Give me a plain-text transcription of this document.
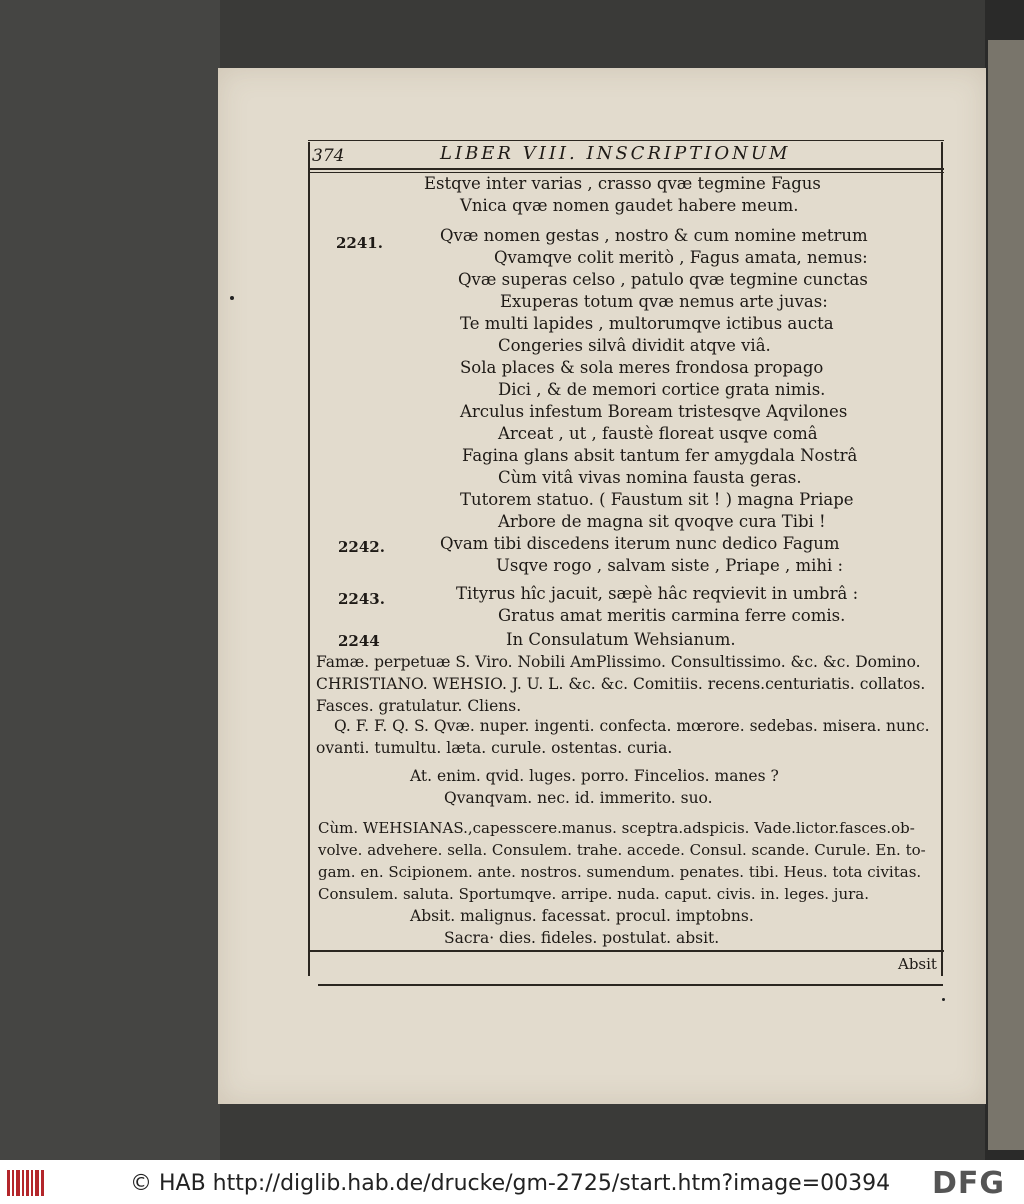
374	LIBER VIII. INSCRIPTIONUM
2241.
2242.
2243.
2244
Estqve inter varias , crasso qvæ tegmine Fagus
Vnica qvæ nomen gaudet habere meum.
Qvæ nomen gestas , nostro & cum nomine metrum
Qvamqve colit meritò , Fagus amata, nemus:
Qvæ superas celso , patulo qvæ tegmine cunctas
Exuperas totum qvæ nemus arte juvas:
Te multi lapides , multorumqve ictibus aucta
Congeries silvâ dividit atqve viâ.
Sola places & sola meres frondosa propago
Dici , & de memori cortice grata nimis.
Arculus infestum Boream tristesqve Aqvilones
Arceat , ut , faustè floreat usqve comâ
Fagina glans absit tantum fer amygdala Nostrâ
Cùm vitâ vivas nomina fausta geras.
Tutorem statuo. ( Faustum sit ! ) magna Priape
Arbore de magna sit qvoqve cura Tibi !
Qvam tibi discedens iterum nunc dedico Fagum
Usqve rogo , salvam siste , Priape , mihi :
Tityrus hîc jacuit, sæpè hâc reqvievit in umbrâ :
Gratus amat meritis carmina ferre comis.
In Consulatum Wehsianum.
Famæ. perpetuæ S. Viro. Nobili AmPlissimo. Consultissimo. &c. &c. Domino.
CHRISTIANO. WEHSIO. J. U. L. &c. &c. Comitiis. recens.centuriatis. collatos.
Fasces. gratulatur. Cliens.
Q. F. F. Q. S. Qvæ. nuper. ingenti. confecta. mœrore. sedebas. misera. nunc.
ovanti. tumultu. læta. curule. ostentas. curia.
At. enim. qvid. luges. porro. Fincelios. manes ?
Qvanqvam. nec. id. immerito. suo.
Cùm. WEHSIANAS.,capesscere.manus. sceptra.adspicis. Vade.lictor.fasces.ob-
volve. advehere. sella. Consulem. trahe. accede. Consul. scande. Curule. En. to-
gam. en. Scipionem. ante. nostros. sumendum. penates. tibi. Heus. tota civitas.
Consulem. saluta. Sportumqve. arripe. nuda. caput. civis. in. leges. jura.
Absit. malignus. facessat. procul. imptobns.
Sacra· dies. fideles. postulat. absit.
Absit
© HAB http://diglib.hab.de/drucke/gm-2725/start.htm?image=00394 DFG
